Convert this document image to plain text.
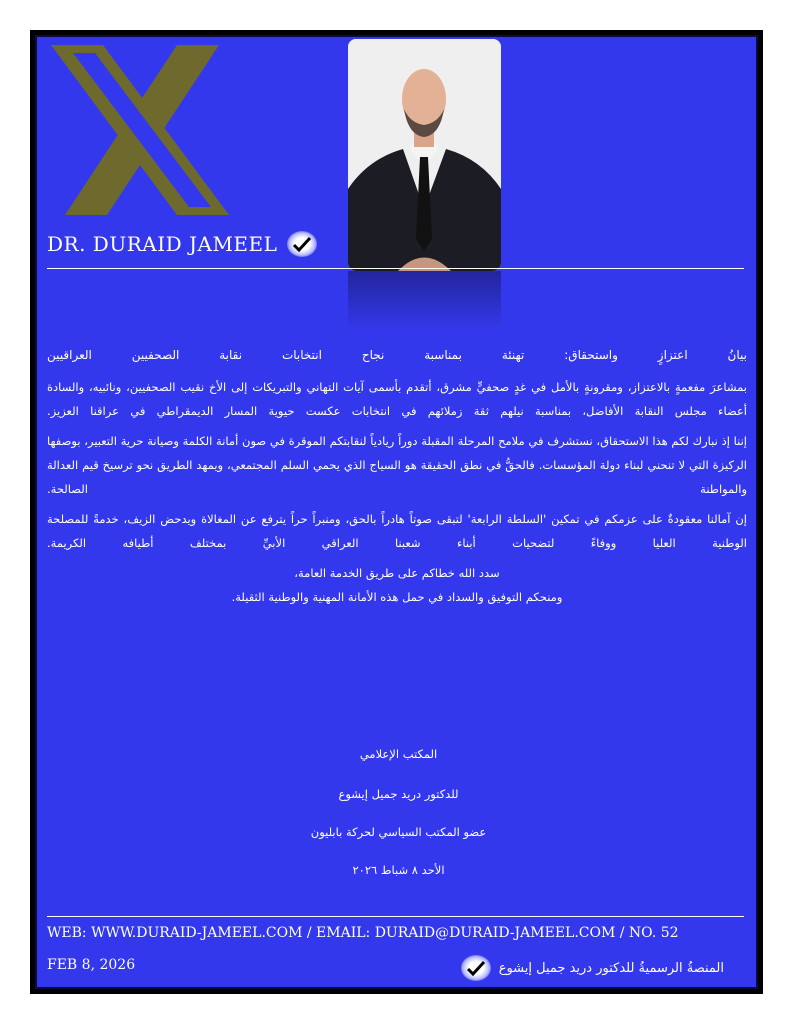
DR. DURAID JAMEEL

بيانُ اعتزازٍ واستحقاق: تهنئة بمناسبة نجاح انتخابات نقابة الصحفيين العراقيين

بمشاعرَ مفعمةٍ بالاعتزاز، ومقرونةٍ بالأمل في غدٍ صحفيٍّ مشرق، أتقدم بأسمى آيات التهاني والتبريكات إلى الأخ نقيب الصحفيين، ونائبيه، والسادة أعضاء مجلس النقابة الأفاضل، بمناسبة نيلهم ثقة زملائهم في انتخابات عكست حيوية المسار الديمقراطي في عراقنا العزيز.

إننا إذ نبارك لكم هذا الاستحقاق، نستشرف في ملامح المرحلة المقبلة دوراً ريادياً لنقابتكم الموقرة في صون أمانة الكلمة وصيانة حرية التعبير، بوصفها الركيزة التي لا تنحني لبناء دولة المؤسسات. فالحقُّ في نطق الحقيقة هو السياج الذي يحمي السلم المجتمعي، ويمهد الطريق نحو ترسيخ قيم العدالة والمواطنة الصالحة.

إن آمالنا معقودةٌ على عزمكم في تمكين 'السلطة الرابعة' لتبقى صوتاً هادراً بالحق، ومنبراً حراً يترفع عن المغالاة ويدحض الزيف، خدمةً للمصلحة الوطنية العليا ووفاءً لتضحيات أبناء شعبنا العراقي الأبيِّ بمختلف أطيافه الكريمة.

سدد الله خطاكم على طريق الخدمة العامة،

ومنحكم التوفيق والسداد في حمل هذه الأمانة المهنية والوطنية الثقيلة.

المكتب الإعلامي
للدكتور دريد جميل إيشوع
عضو المكتب السياسي لحركة بابليون
الأحد ٨ شباط ٢٠٢٦
WEB: WWW.DURAID-JAMEEL.COM / EMAIL: DURAID@DURAID-JAMEEL.COM / NO. 52
FEB 8, 2026	المنصةُ الرسميةُ للدكتور دريد جميل إيشوع
